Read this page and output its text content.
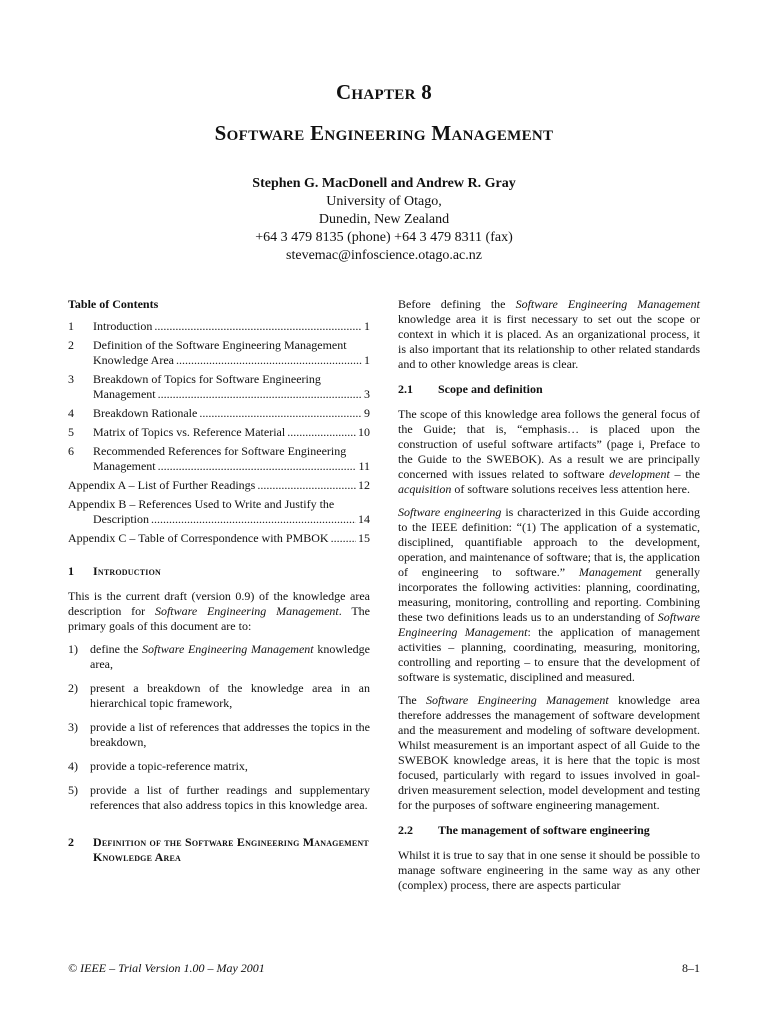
Chapter 8
Software Engineering Management
Stephen G. MacDonell and Andrew R. Gray
University of Otago,
Dunedin, New Zealand
+64 3 479 8135 (phone) +64 3 479 8311 (fax)
stevemac@infoscience.otago.ac.nz
Table of Contents
1 Introduction .....	1
2 Definition of the Software Engineering Management
Knowledge Area .....	1
3 Breakdown of Topics for Software Engineering
Management .....	3
4 Breakdown Rationale .....	9
5 Matrix of Topics vs. Reference Material .....	10
6 Recommended References for Software Engineering
Management .....	11
Appendix A – List of Further Readings .....	12
Appendix B – References Used to Write and Justify the
Description .....	14
Appendix C – Table of Correspondence with PMBOK ..... 15
1	Introduction

This is the current draft (version 0.9) of the knowledge area description for Software Engineering Management. The primary goals of this document are to:

1)	define the Software Engineering Management knowledge area,
2)	present a breakdown of the knowledge area in an hierarchical topic framework,
3)	provide a list of references that addresses the topics in the breakdown,
4)	provide a topic-reference matrix,
5)	provide a list of further readings and supplementary references that also address topics in this knowledge area.
2	Definition of the Software Engineering Management Knowledge Area

Before defining the Software Engineering Management knowledge area it is first necessary to set out the scope or context in which it is placed. As an organizational process, it is also important that its relationship to other related standards and to other knowledge areas is clear.

2.1 Scope and definition

The scope of this knowledge area follows the general focus of the Guide; that is, “emphasis… is placed upon the construction of useful software artifacts” (page i, Preface to the Guide to the SWEBOK). As a result we are principally concerned with issues related to software development – the acquisition of software solutions receives less attention here.

Software engineering is characterized in this Guide according to the IEEE definition: “(1) The application of a systematic, disciplined, quantifiable approach to the development, operation, and maintenance of software; that is, the application of engineering to software.” Management generally incorporates the following activities: planning, coordinating, measuring, monitoring, controlling and reporting. Combining these two definitions leads us to an understanding of Software Engineering Management: the application of management activities – planning, coordinating, measuring, monitoring, controlling and reporting – to ensure that the development of software is systematic, disciplined and measured.

The Software Engineering Management knowledge area therefore addresses the management of software development and the measurement and modeling of software development. Whilst measurement is an important aspect of all Guide to the SWEBOK knowledge areas, it is here that the topic is most focused, particularly with regard to issues involved in goal-driven measurement selection, model development and testing for the purposes of software engineering management.

2.2 The management of software engineering

Whilst it is true to say that in one sense it should be possible to manage software engineering in the same way as any other (complex) process, there are aspects particular

© IEEE – Trial Version 1.00 – May 2001	8–1
